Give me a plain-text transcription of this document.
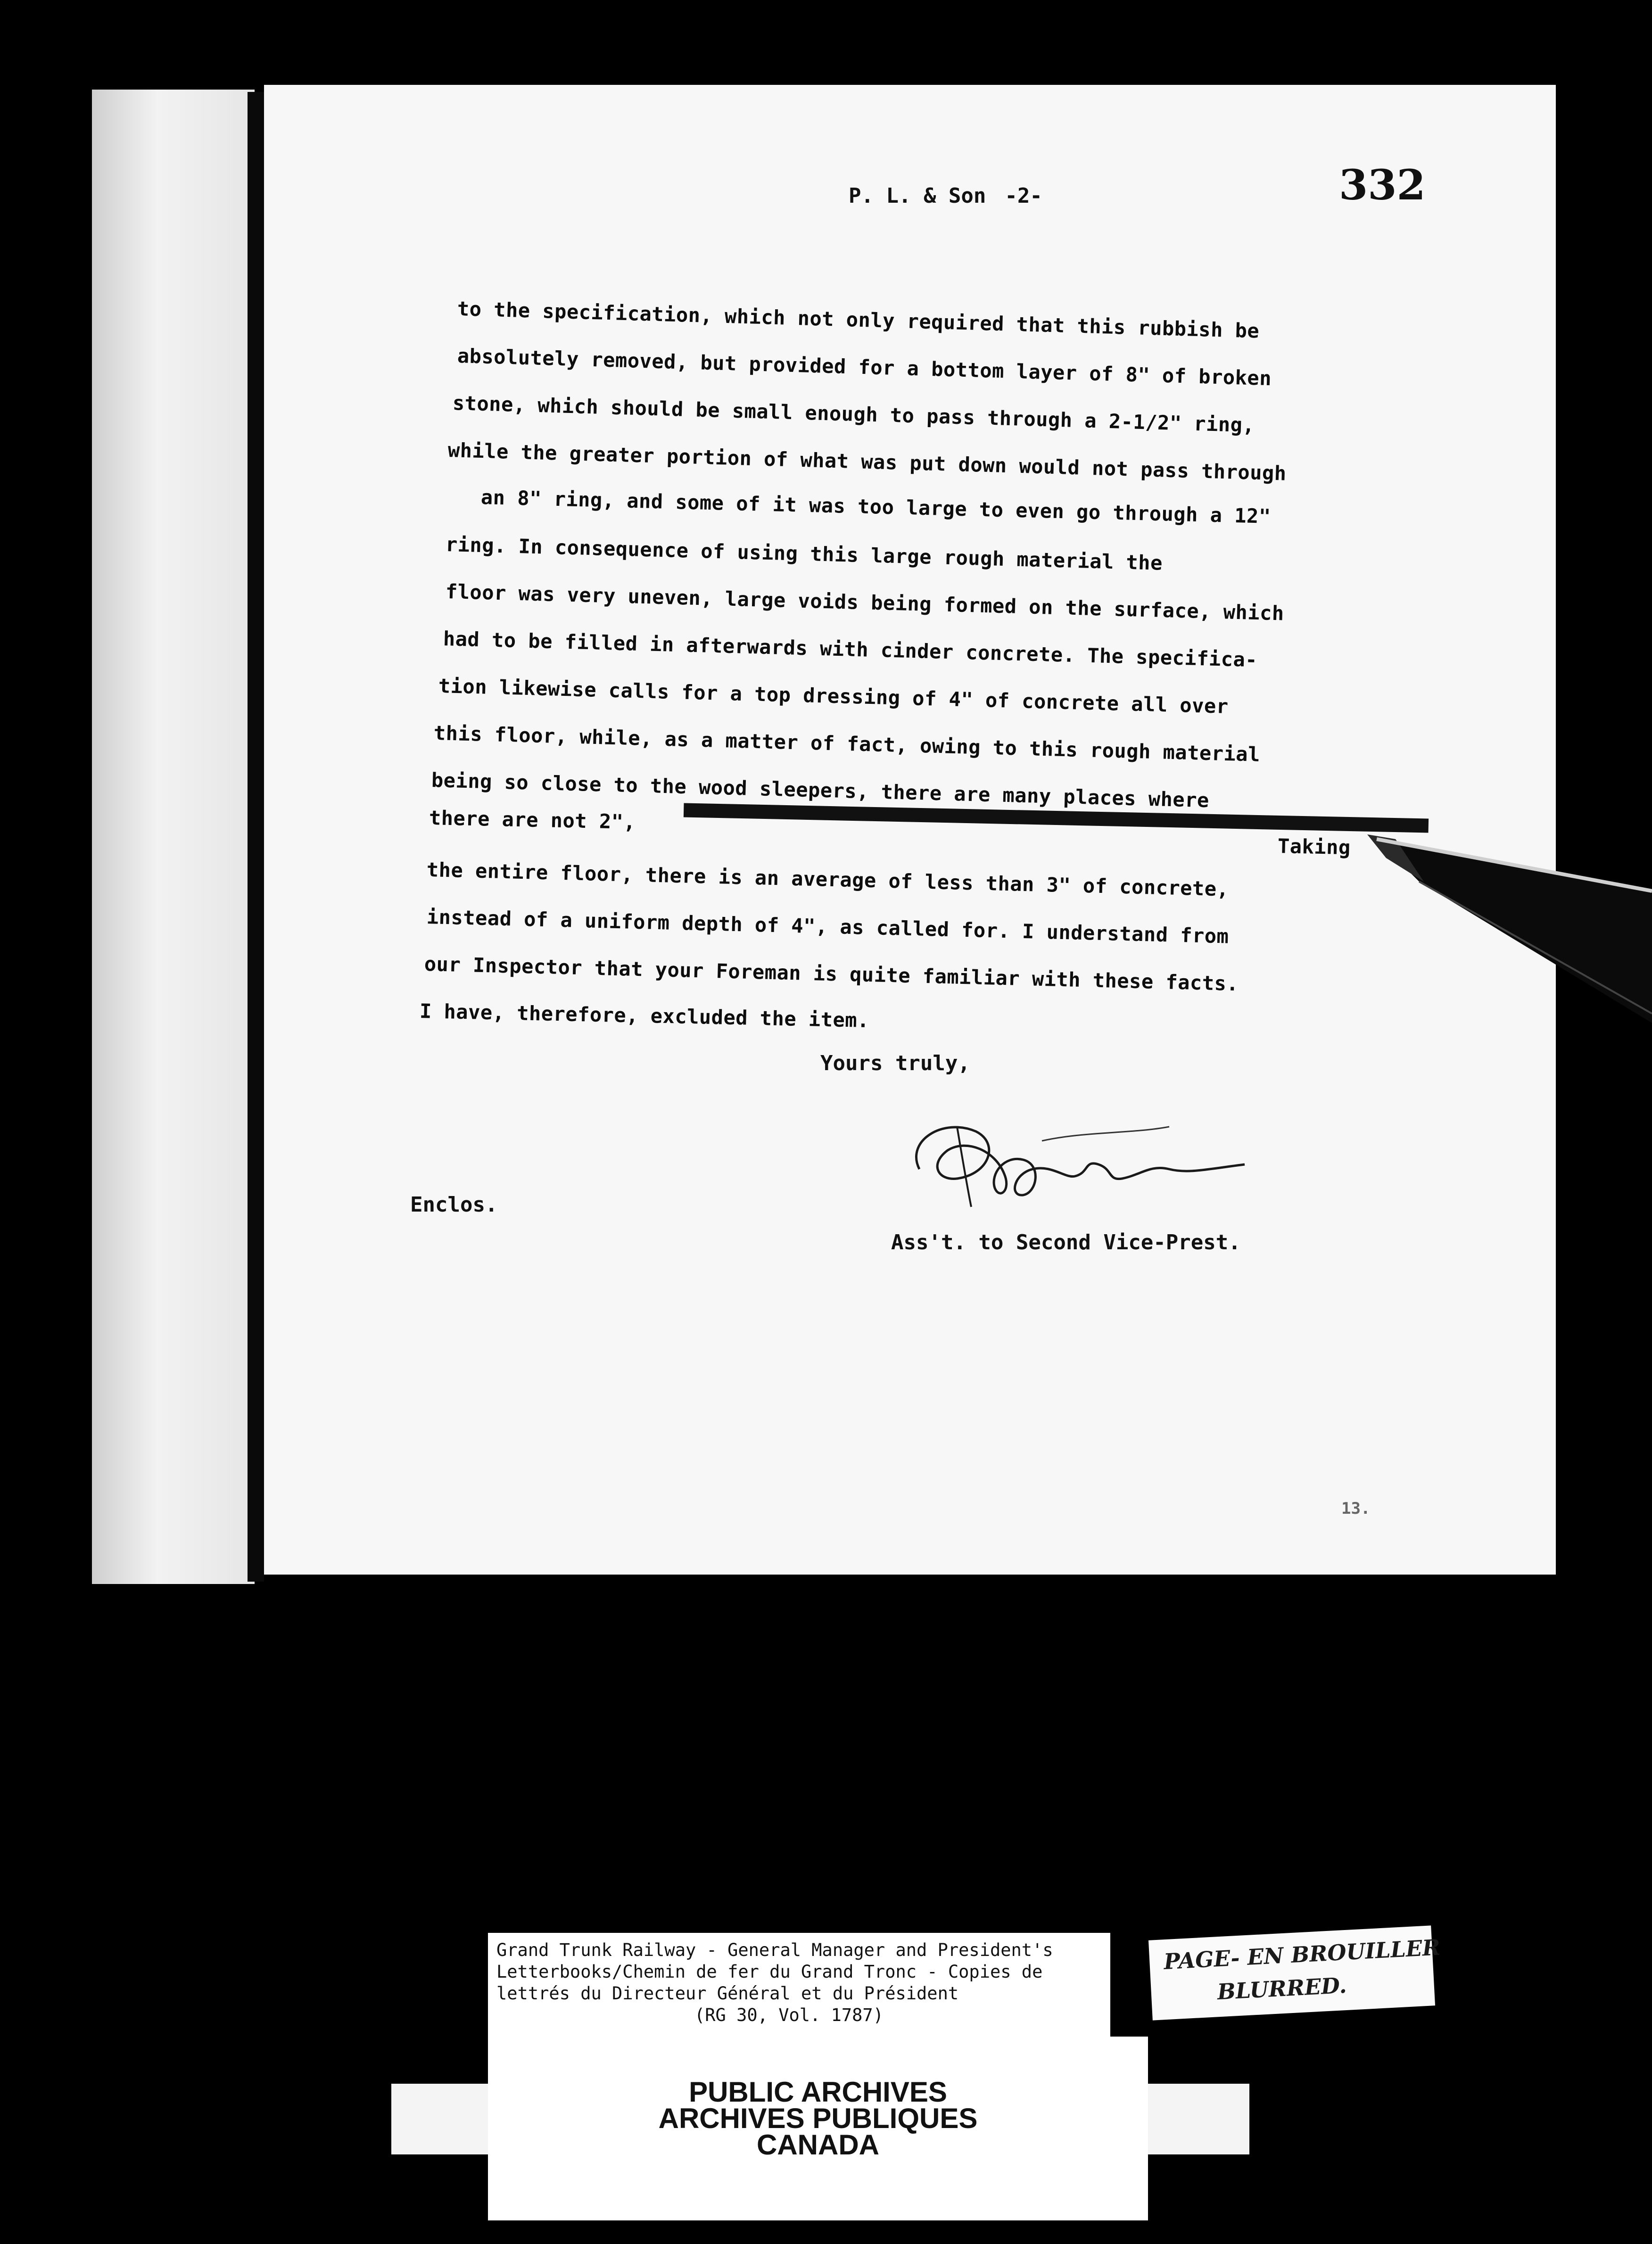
332
P. L. & Son -2-
to the specification, which not only required that this rubbish be
absolutely removed, but provided for a bottom layer of 8" of broken
stone, which should be small enough to pass through a 2-1/2" ring,
while the greater portion of what was put down would not pass through
an 8" ring, and some of it was too large to even go through a 12"
ring. In consequence of using this large rough material the
floor was very uneven, large voids being formed on the surface, which
had to be filled in afterwards with cinder concrete. The specifica-
tion likewise calls for a top dressing of 4" of concrete all over
this floor, while, as a matter of fact, owing to this rough material
being so close to the wood sleepers, there are many places where
there are not 2",
Taking
the entire floor, there is an average of less than 3" of concrete,
instead of a uniform depth of 4", as called for. I understand from
our Inspector that your Foreman is quite familiar with these facts.
I have, therefore, excluded the item.
Yours truly,
Enclos.
Ass't. to Second Vice-Prest.
13.
Grand Trunk Railway - General Manager and President's
Letterbooks/Chemin de fer du Grand Tronc - Copies de
lettrés du Directeur Général et du Président
(RG 30, Vol. 1787)
PAGE- EN BROUILLER
BLURRED.
PUBLIC ARCHIVES
ARCHIVES PUBLIQUES
CANADA
